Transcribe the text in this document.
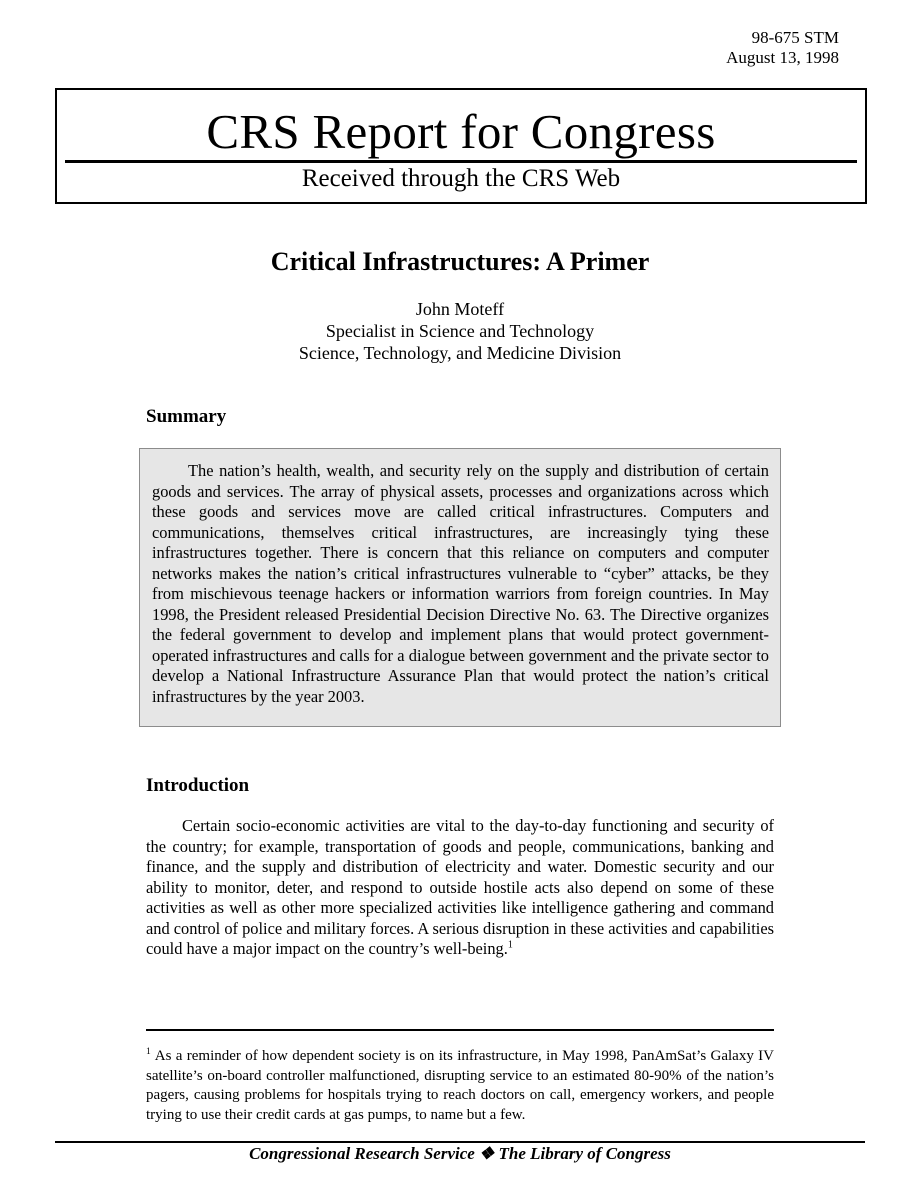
98-675 STM
August 13, 1998
CRS Report for Congress
Received through the CRS Web
Critical Infrastructures: A Primer
John Moteff
Specialist in Science and Technology
Science, Technology, and Medicine Division
Summary

The nation’s health, wealth, and security rely on the supply and distribution of certain goods and services. The array of physical assets, processes and organizations across which these goods and services move are called critical infrastructures. Computers and communications, themselves critical infrastructures, are increasingly tying these infrastructures together. There is concern that this reliance on computers and computer networks makes the nation’s critical infrastructures vulnerable to “cyber” attacks, be they from mischievous teenage hackers or information warriors from foreign countries. In May 1998, the President released Presidential Decision Directive No. 63. The Directive organizes the federal government to develop and implement plans that would protect government-operated infrastructures and calls for a dialogue between government and the private sector to develop a National Infrastructure Assurance Plan that would protect the nation’s critical infrastructures by the year 2003.

Introduction

Certain socio-economic activities are vital to the day-to-day functioning and security of the country; for example, transportation of goods and people, communications, banking and finance, and the supply and distribution of electricity and water. Domestic security and our ability to monitor, deter, and respond to outside hostile acts also depend on some of these activities as well as other more specialized activities like intelligence gathering and command and control of police and military forces. A serious disruption in these activities and capabilities could have a major impact on the country’s well-being.$^1$

$^1$ As a reminder of how dependent society is on its infrastructure, in May 1998, PanAmSat’s Galaxy IV satellite’s on-board controller malfunctioned, disrupting service to an estimated 80-90% of the nation’s pagers, causing problems for hospitals trying to reach doctors on call, emergency workers, and people trying to use their credit cards at gas pumps, to name but a few.

Congressional Research Service ❖ The Library of Congress
